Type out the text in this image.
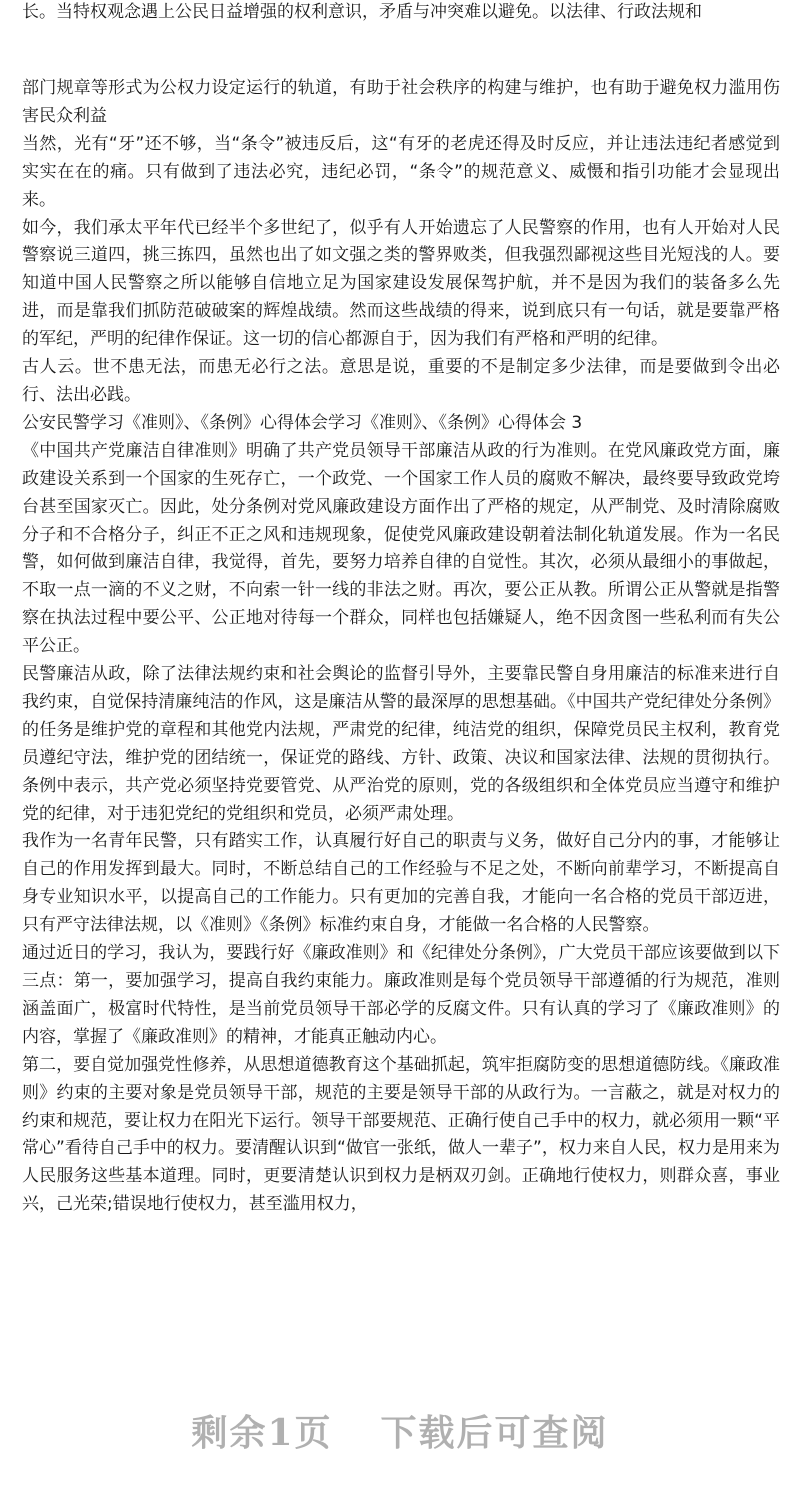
长。当特权观念遇上公民日益增强的权利意识，矛盾与冲突难以避免。以法律、行政法规和

部门规章等形式为公权力设定运行的轨道，有助于社会秩序的构建与维护，也有助于避免权力滥用伤害民众利益

当然，光有“牙”还不够，当“条令”被违反后，这“有牙的老虎还得及时反应，并让违法违纪者感觉到实实在在的痛。只有做到了违法必究，违纪必罚，“条令”的规范意义、威慑和指引功能才会显现出来。

如今，我们承太平年代已经半个多世纪了，似乎有人开始遗忘了人民警察的作用，也有人开始对人民警察说三道四，挑三拣四，虽然也出了如文强之类的警界败类，但我强烈鄙视这些目光短浅的人。要知道中国人民警察之所以能够自信地立足为国家建设发展保驾护航，并不是因为我们的装备多么先进，而是靠我们抓防范破破案的辉煌战绩。然而这些战绩的得来，说到底只有一句话，就是要靠严格的军纪，严明的纪律作保证。这一切的信心都源自于，因为我们有严格和严明的纪律。

古人云。世不患无法，而患无必行之法。意思是说，重要的不是制定多少法律，而是要做到令出必行、法出必践。

公安民警学习《准则》、《条例》心得体会学习《准则》、《条例》心得体会 3

《中国共产党廉洁自律准则》明确了共产党员领导干部廉洁从政的行为准则。在党风廉政党方面，廉政建设关系到一个国家的生死存亡，一个政党、一个国家工作人员的腐败不解决，最终要导致政党垮台甚至国家灭亡。因此，处分条例对党风廉政建设方面作出了严格的规定，从严制党、及时清除腐败分子和不合格分子，纠正不正之风和违规现象，促使党风廉政建设朝着法制化轨道发展。作为一名民警，如何做到廉洁自律，我觉得，首先，要努力培养自律的自觉性。其次，必须从最细小的事做起，不取一点一滴的不义之财，不向索一针一线的非法之财。再次，要公正从教。所谓公正从警就是指警察在执法过程中要公平、公正地对待每一个群众，同样也包括嫌疑人，绝不因贪图一些私利而有失公平公正。

民警廉洁从政，除了法律法规约束和社会舆论的监督引导外，主要靠民警自身用廉洁的标准来进行自我约束，自觉保持清廉纯洁的作风，这是廉洁从警的最深厚的思想基础。《中国共产党纪律处分条例》的任务是维护党的章程和其他党内法规，严肃党的纪律，纯洁党的组织，保障党员民主权利，教育党员遵纪守法，维护党的团结统一，保证党的路线、方针、政策、决议和国家法律、法规的贯彻执行。条例中表示，共产党必须坚持党要管党、从严治党的原则，党的各级组织和全体党员应当遵守和维护党的纪律，对于违犯党纪的党组织和党员，必须严肃处理。

我作为一名青年民警，只有踏实工作，认真履行好自己的职责与义务，做好自己分内的事，才能够让自己的作用发挥到最大。同时，不断总结自己的工作经验与不足之处，不断向前辈学习，不断提高自身专业知识水平，以提高自己的工作能力。只有更加的完善自我，才能向一名合格的党员干部迈进，只有严守法律法规，以《准则》《条例》标准约束自身，才能做一名合格的人民警察。

通过近日的学习，我认为，要践行好《廉政准则》和《纪律处分条例》，广大党员干部应该要做到以下三点：第一，要加强学习，提高自我约束能力。廉政准则是每个党员领导干部遵循的行为规范，准则涵盖面广，极富时代特性，是当前党员领导干部必学的反腐文件。只有认真的学习了《廉政准则》的内容，掌握了《廉政准则》的精神，才能真正触动内心。

第二，要自觉加强党性修养，从思想道德教育这个基础抓起，筑牢拒腐防变的思想道德防线。《廉政准则》约束的主要对象是党员领导干部，规范的主要是领导干部的从政行为。一言蔽之，就是对权力的约束和规范，要让权力在阳光下运行。领导干部要规范、正确行使自己手中的权力，就必须用一颗“平常心”看待自己手中的权力。要清醒认识到“做官一张纸，做人一辈子”，权力来自人民，权力是用来为人民服务这些基本道理。同时，更要清楚认识到权力是柄双刃剑。正确地行使权力，则群众喜，事业兴，己光荣;错误地行使权力，甚至滥用权力，

剩余1页 下载后可查阅
